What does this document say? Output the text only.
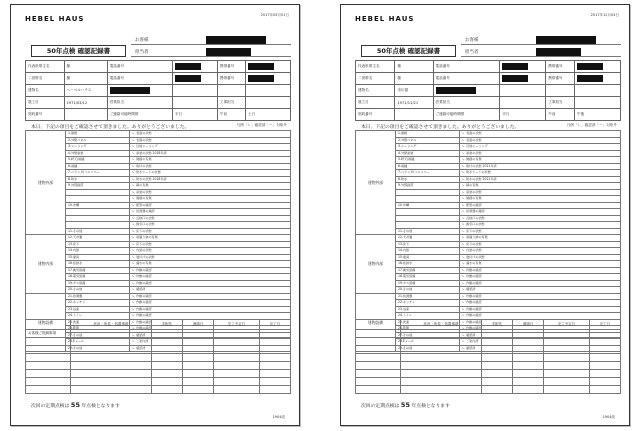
HEBEL HAUS	2017年05月01日
50年点検 確認記録書
お客様
担当者
代表世帯主名	様	電話番号		携帯番号	
二世帯名	様	電話番号		携帯番号	
建物名	へーベルハウス				
竣工日	1971/03/12	営業担当		工事担当	
契約番号		ご連絡可能時間帯	平日	午前	土日
本日、下記の項目をご確認させて頂きました。ありがとうございました。	凡例「レ」確認済「ー」対象外
建物外部	1.屋根	レ 表面の状態
	2.外壁パネル	レ 表面の状態
	3.シーリング	レ 目地シーリング
	4.外壁塗装	レ 塗装の状態 2018年済
	5.軒天/雨樋	レ 破損の有無
	6.雨樋	レ 取付の状態
	7.ベランダ/バルコニー	レ 防水シートの状態
	8.防水	レ 防水の状態 2018年済
	9.外部鉄部	レ 錆の有無
		レ 塗装の状態
		レ 破損の有無
	10.外構	レ 配管の確認
		レ 給湯器の確認
		レ 点検口の状態
		レ 換気口の状態
	11.その他	レ 床下の状態
建物内部	12.天井裏	レ 雨漏り跡の有無
	13.床下	レ 床下の状態
	14.内装	レ 内装の状態
	15.建具	レ 建付けの状態
	16.給排水	レ 漏水の有無
	17.換気設備	レ 作動の確認
	18.電気設備	レ 作動の確認
	19.ガス設備	レ 作動の確認
	20.その他	レ 確認済
建物設備	21.給湯器	レ 作動の確認
	22.キッチン	レ 作動の確認
	23.浴室	レ 作動の確認
	24.トイレ	レ 作動の確認
	25.洗面	レ 作動の確認
	26.照明	レ 作動の確認
	27.その他	レ 確認済
	28.Eメール	レ ご案内済
	29.その他	レ 確認済
	状況・所見・処置事項	手配先	連絡日	完了予定日	完了日
お客様ご指摘事項					

次回の定期点検は 55 年点検となります
1904改
HEBEL HAUS	2017年12月04日
50年点検 確認記録書
お客様
担当者
代表世帯主名	様	電話番号		携帯番号	
二世帯名	様	電話番号		携帯番号	
建物名	市川邸				
竣工日	1971/11/21	営業担当		工事担当	
契約番号		ご連絡可能時間帯	平日	午前	午後
本日、下記の項目をご確認させて頂きました。ありがとうございました。	凡例「レ」確認済「ー」対象外
建物外部	1.屋根	レ 表面の状態
	2.外壁パネル	レ 表面の状態
	3.シーリング	レ 目地シーリング
	4.外壁塗装	レ 塗装の状態
	5.軒天/雨樋	レ 破損の有無
	6.雨樋	レ 取付の状態 2021年済
	7.ベランダ/バルコニー	レ 防水シートの状態
	8.防水	レ 防水の状態 2021年済
	9.外部鉄部	レ 錆の有無
		レ 塗装の状態
		レ 破損の有無
	10.外構	レ 配管の確認
		レ 給湯器の確認
		レ 点検口の状態
		レ 換気口の状態
	11.その他	レ 床下の状態
建物内部	12.天井裏	レ 雨漏り跡の有無
	13.床下	レ 床下の状態
	14.内装	レ 内装の状態
	15.建具	レ 建付けの状態
	16.給排水	レ 漏水の有無
	17.換気設備	レ 作動の確認
	18.電気設備	レ 作動の確認
	19.ガス設備	レ 作動の確認
	20.その他	レ 確認済
建物設備	21.給湯器	レ 作動の確認
	22.キッチン	レ 作動の確認
	23.浴室	レ 作動の確認
	24.トイレ	レ 作動の確認
	25.洗面	レ 作動の確認
	26.照明	レ 作動の確認
	27.その他	レ 確認済
	28.Eメール	レ ご案内済
	29.その他	レ 確認済
	状況・所見・処置事項	手配先	連絡日	完了予定日	完了日

次回の定期点検は 55 年点検となります
1904改
